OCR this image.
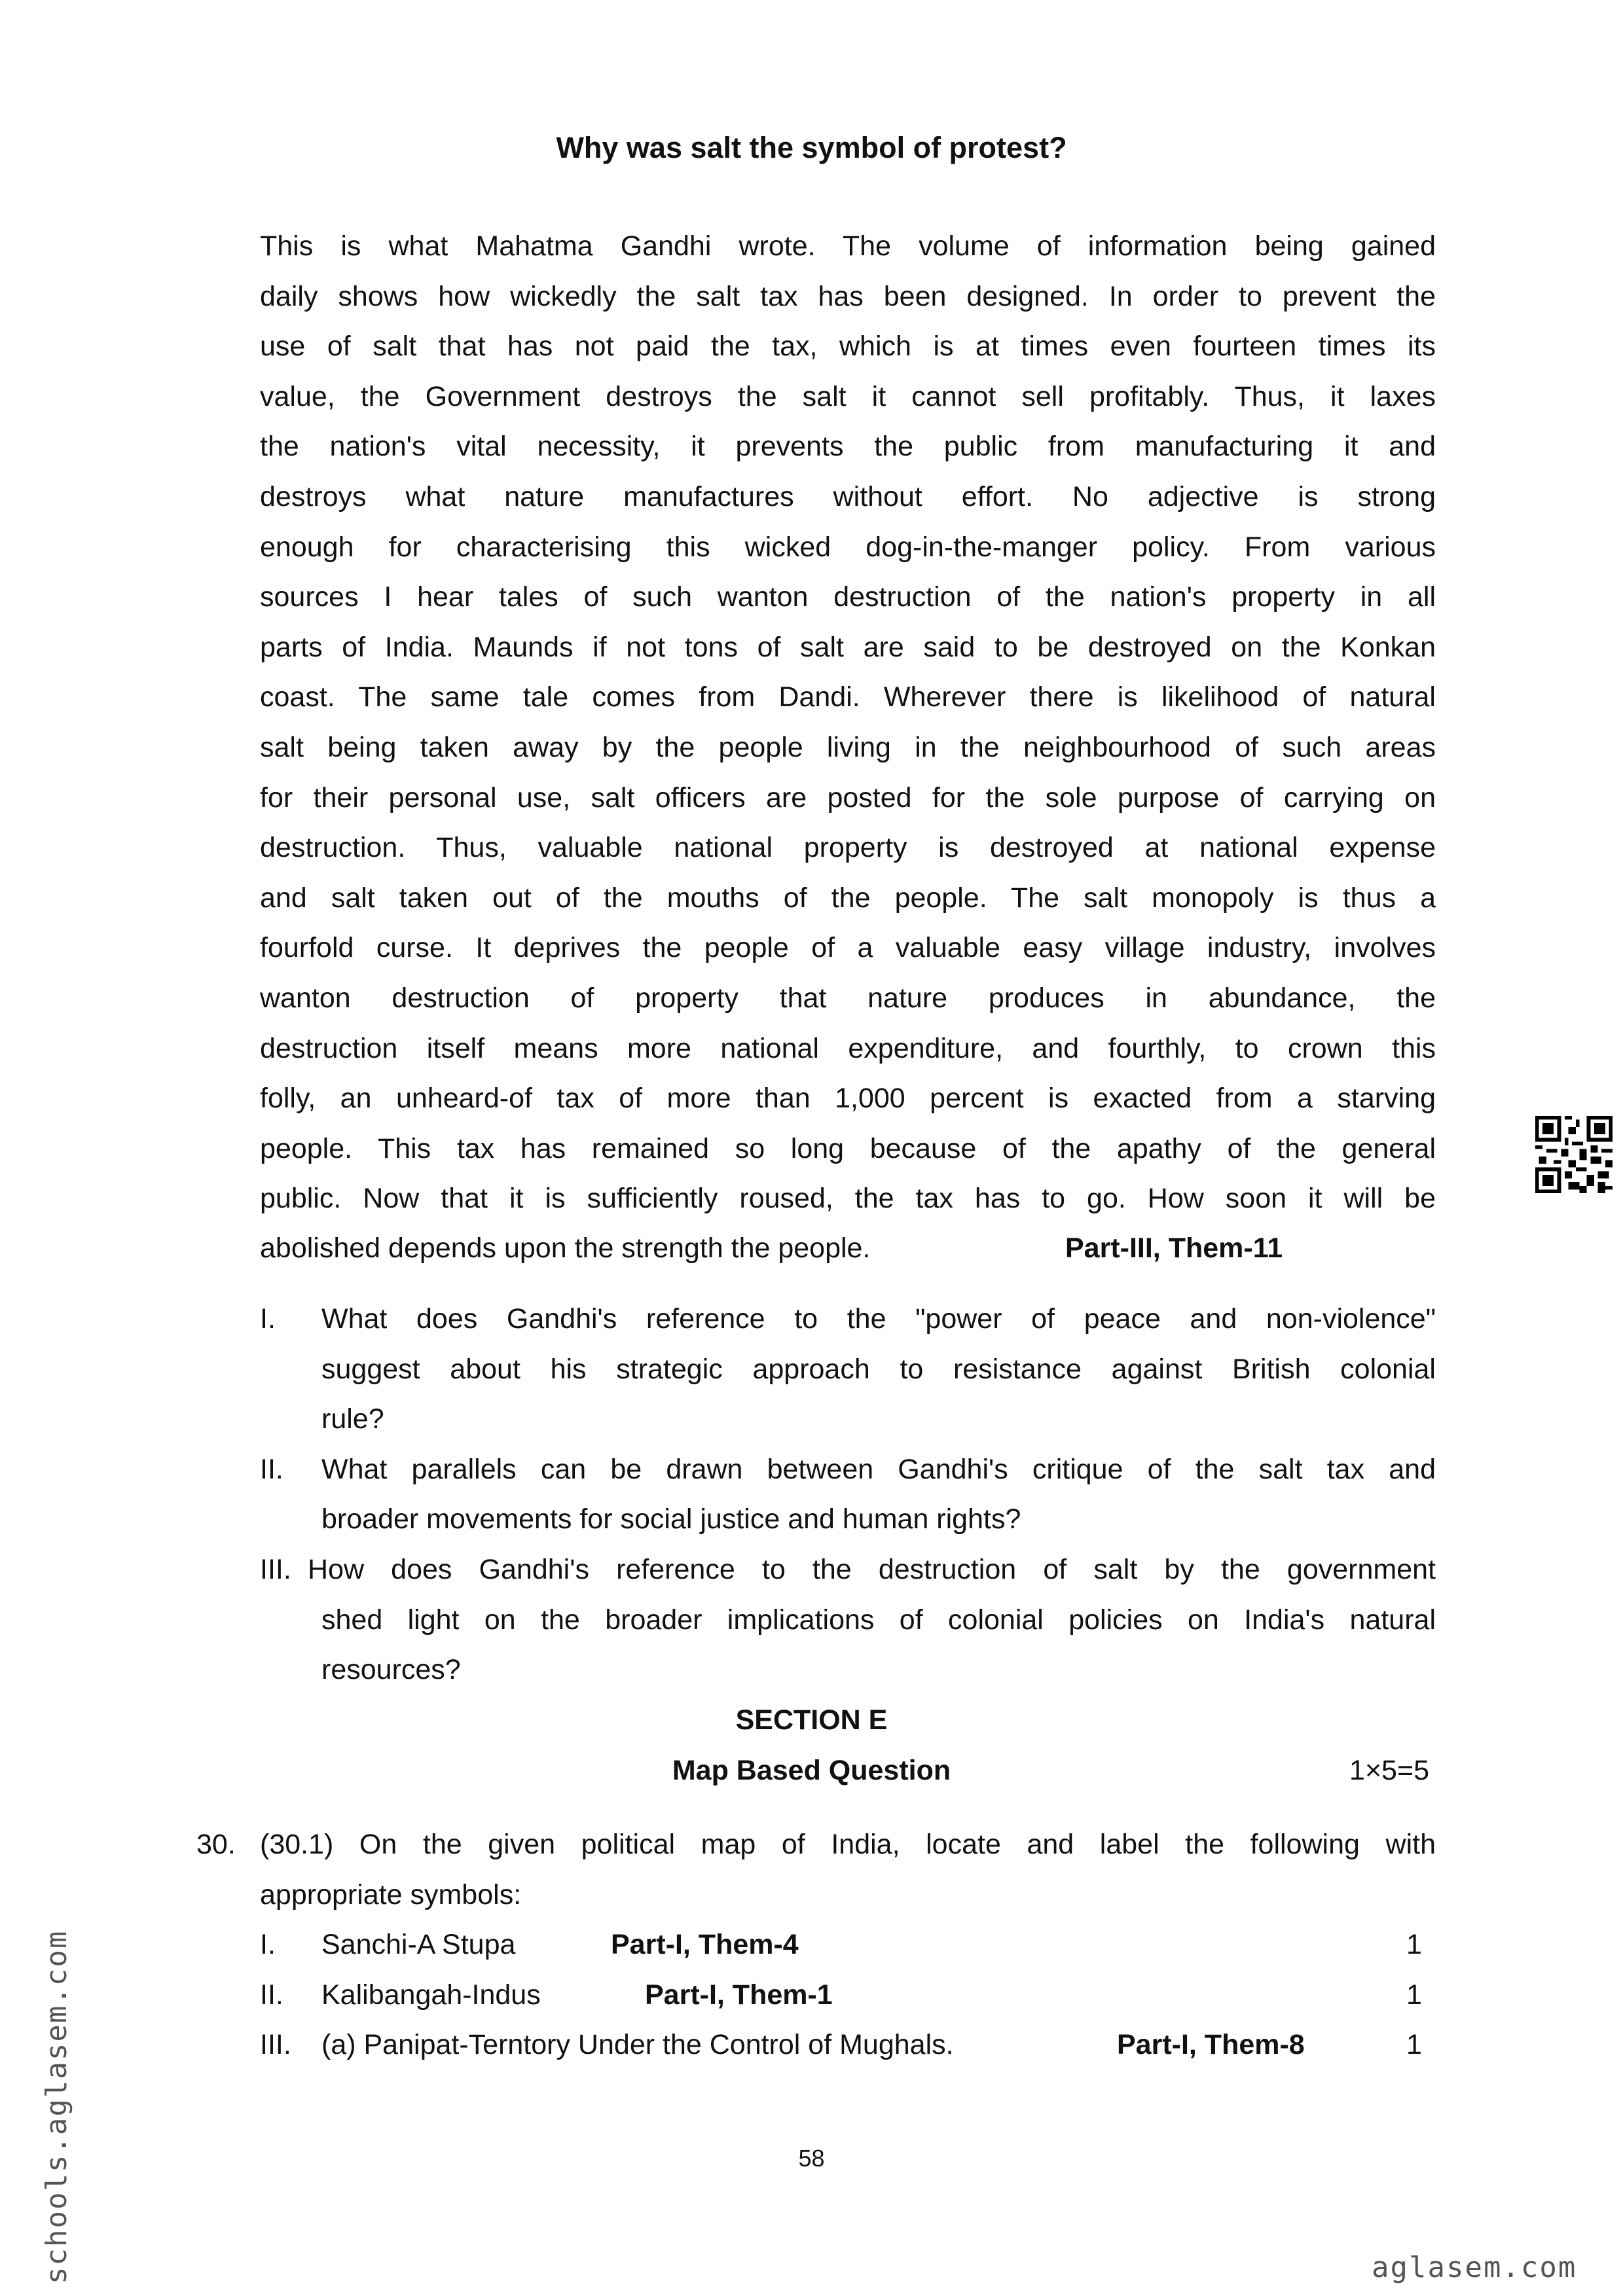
Why was salt the symbol of protest?
This is what Mahatma Gandhi wrote. The volume of information being gained
daily shows how wickedly the salt tax has been designed. In order to prevent the
use of salt that has not paid the tax, which is at times even fourteen times its
value, the Government destroys the salt it cannot sell profitably. Thus, it laxes
the nation's vital necessity, it prevents the public from manufacturing it and
destroys what nature manufactures without effort. No adjective is strong
enough for characterising this wicked dog-in-the-manger policy. From various
sources I hear tales of such wanton destruction of the nation's property in all
parts of India. Maunds if not tons of salt are said to be destroyed on the Konkan
coast. The same tale comes from Dandi. Wherever there is likelihood of natural
salt being taken away by the people living in the neighbourhood of such areas
for their personal use, salt officers are posted for the sole purpose of carrying on
destruction. Thus, valuable national property is destroyed at national expense
and salt taken out of the mouths of the people. The salt monopoly is thus a
fourfold curse. It deprives the people of a valuable easy village industry, involves
wanton destruction of property that nature produces in abundance, the
destruction itself means more national expenditure, and fourthly, to crown this
folly, an unheard-of tax of more than 1,000 percent is exacted from a starving
people. This tax has remained so long because of the apathy of the general
public. Now that it is sufficiently roused, the tax has to go. How soon it will be
abolished depends upon the strength the people.	Part-III, Them-11
I. What does Gandhi's reference to the "power of peace and non-violence"
suggest about his strategic approach to resistance against British colonial
rule?
II. What parallels can be drawn between Gandhi's critique of the salt tax and
broader movements for social justice and human rights?
III. How does Gandhi's reference to the destruction of salt by the government
shed light on the broader implications of colonial policies on India's natural
resources?
SECTION E
Map Based Question	1×5=5
30. (30.1) On the given political map of India, locate and label the following with
appropriate symbols:
I. Sanchi-A Stupa	Part-I, Them-4	1
II. Kalibangah-Indus	Part-I, Them-1	1
III. (a) Panipat-Terntory Under the Control of Mughals.	Part-I, Them-8	1
58
schools.aglasem.com	aglasem.com
